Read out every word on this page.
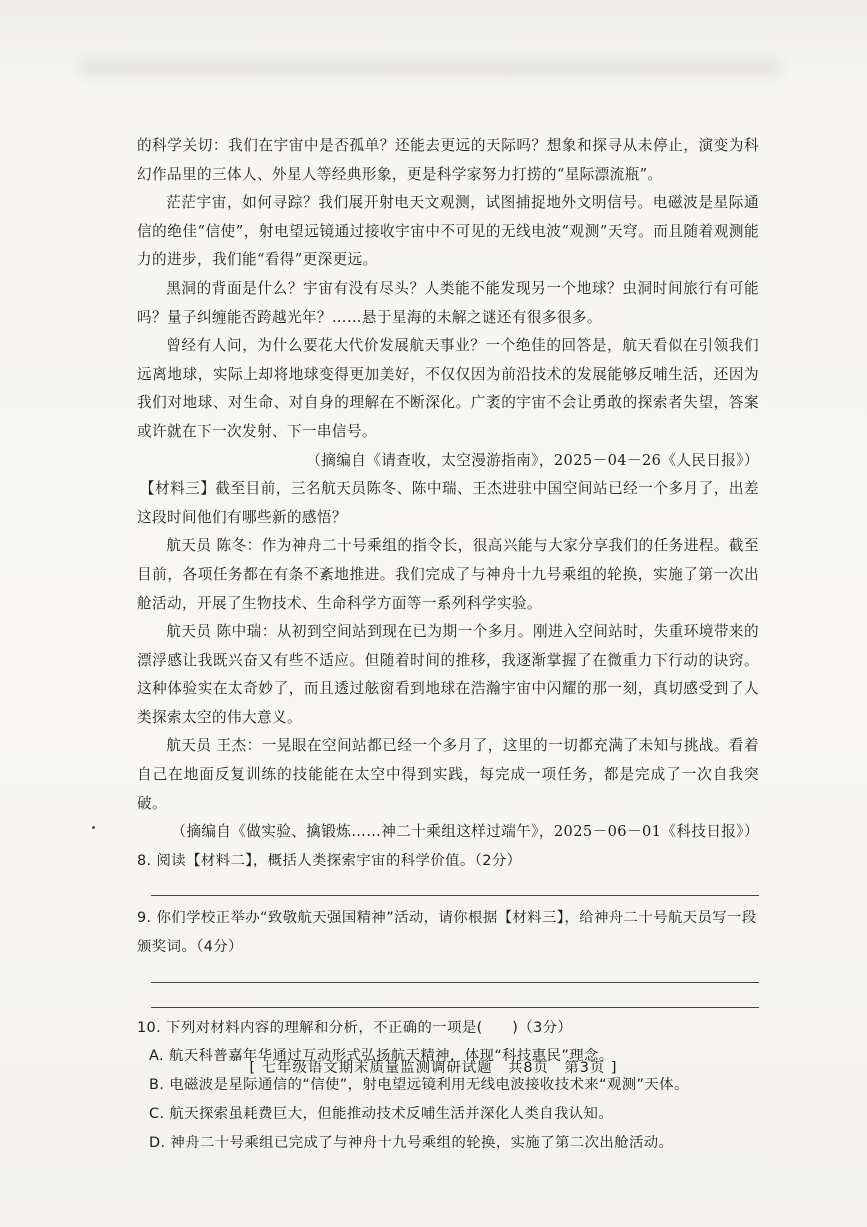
的科学关切：我们在宇宙中是否孤单？还能去更远的天际吗？想象和探寻从未停止，演变为科幻作品里的三体人、外星人等经典形象，更是科学家努力打捞的“星际漂流瓶”。

茫茫宇宙，如何寻踪？我们展开射电天文观测，试图捕捉地外文明信号。电磁波是星际通信的绝佳“信使”，射电望远镜通过接收宇宙中不可见的无线电波“观测”天穹。而且随着观测能力的进步，我们能“看得”更深更远。

黑洞的背面是什么？宇宙有没有尽头？人类能不能发现另一个地球？虫洞时间旅行有可能吗？量子纠缠能否跨越光年？……悬于星海的未解之谜还有很多很多。

曾经有人问，为什么要花大代价发展航天事业？一个绝佳的回答是，航天看似在引领我们远离地球，实际上却将地球变得更加美好，不仅仅因为前沿技术的发展能够反哺生活，还因为我们对地球、对生命、对自身的理解在不断深化。广袤的宇宙不会让勇敢的探索者失望，答案或许就在下一次发射、下一串信号。

（摘编自《请查收，太空漫游指南》，2025－04－26《人民日报》）

【材料三】截至目前，三名航天员陈冬、陈中瑞、王杰进驻中国空间站已经一个多月了，出差这段时间他们有哪些新的感悟？

航天员 陈冬：作为神舟二十号乘组的指令长，很高兴能与大家分享我们的任务进程。截至目前，各项任务都在有条不紊地推进。我们完成了与神舟十九号乘组的轮换，实施了第一次出舱活动，开展了生物技术、生命科学方面等一系列科学实验。

航天员 陈中瑞：从初到空间站到现在已为期一个多月。刚进入空间站时，失重环境带来的漂浮感让我既兴奋又有些不适应。但随着时间的推移，我逐渐掌握了在微重力下行动的诀窍。这种体验实在太奇妙了，而且透过舷窗看到地球在浩瀚宇宙中闪耀的那一刻，真切感受到了人类探索太空的伟大意义。

航天员 王杰：一晃眼在空间站都已经一个多月了，这里的一切都充满了未知与挑战。看着自己在地面反复训练的技能能在太空中得到实践，每完成一项任务，都是完成了一次自我突破。

（摘编自《做实验、擒锻炼……神二十乘组这样过端午》，2025－06－01《科技日报》）

8. 阅读【材料二】，概括人类探索宇宙的科学价值。（2分）

9. 你们学校正举办“致敬航天强国精神”活动，请你根据【材料三】，给神舟二十号航天员写一段颁奖词。（4分）

10. 下列对材料内容的理解和分析，不正确的一项是(　　)（3分）

A. 航天科普嘉年华通过互动形式弘扬航天精神，体现“科技惠民”理念。

B. 电磁波是星际通信的“信使”，射电望远镜利用无线电波接收技术来“观测”天体。

C. 航天探索虽耗费巨大，但能推动技术反哺生活并深化人类自我认知。

D. 神舟二十号乘组已完成了与神舟十九号乘组的轮换，实施了第二次出舱活动。

[ 七年级语文期末质量监测调研试题　共8页　第3页 ]
